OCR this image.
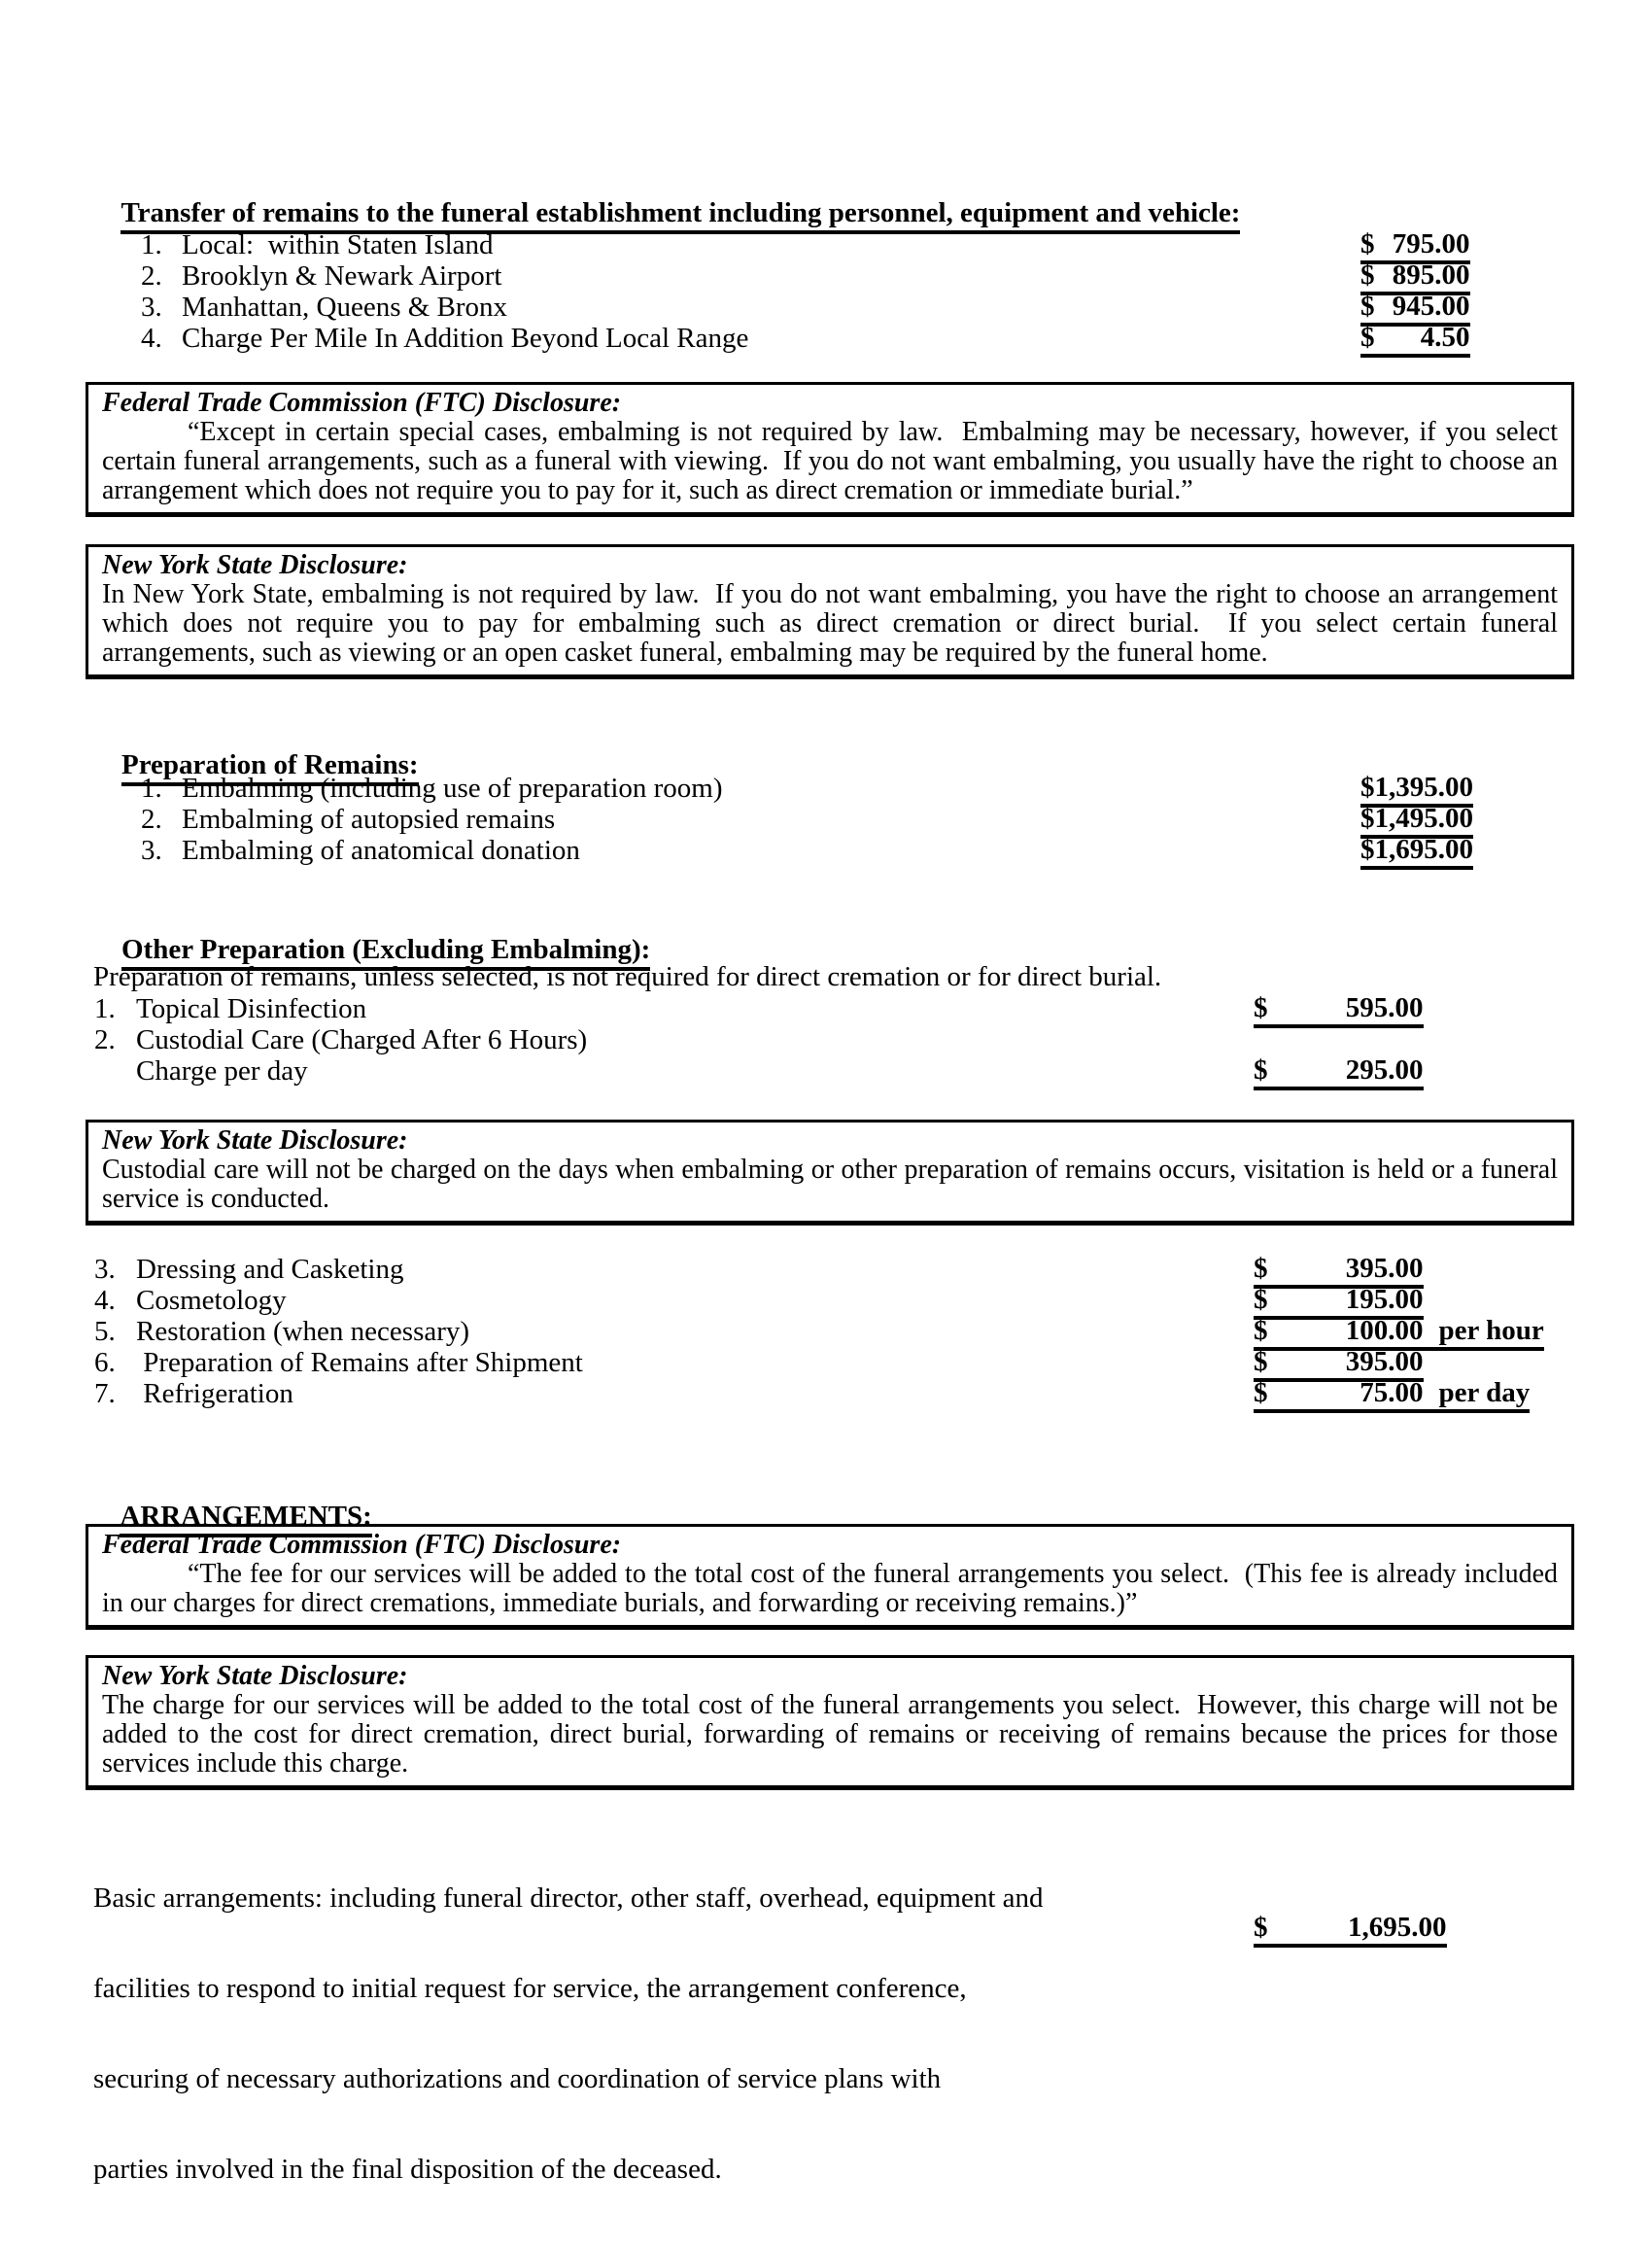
Transfer of remains to the funeral establishment including personnel, equipment and vehicle:

1. Local:  within Staten Island	$ 795.00
2. Brooklyn & Newark Airport	$ 895.00
3. Manhattan, Queens & Bronx	$ 945.00
4. Charge Per Mile In Addition Beyond Local Range	$	4.50
Federal Trade Commission (FTC) Disclosure:
“Except in certain special cases, embalming is not required by law.  Embalming may be necessary, however, if you select certain funeral arrangements, such as a funeral with viewing.  If you do not want embalming, you usually have the right to choose an arrangement which does not require you to pay for it, such as direct cremation or immediate burial.”
New York State Disclosure:
In New York State, embalming is not required by law.  If you do not want embalming, you have the right to choose an arrangement which does not require you to pay for embalming such as direct cremation or direct burial.  If you select certain funeral arrangements, such as viewing or an open casket funeral, embalming may be required by the funeral home.

Preparation of Remains:

1. Embalming (including use of preparation room)	$1,395.00
2. Embalming of autopsied remains	$1,495.00
3. Embalming of anatomical donation	$1,695.00

Other Preparation (Excluding Embalming):

Preparation of remains, unless selected, is not required for direct cremation or for direct burial.
1. Topical Disinfection	$	595.00
2. Custodial Care (Charged After 6 Hours)
Charge per day	$	295.00
New York State Disclosure:
Custodial care will not be charged on the days when embalming or other preparation of remains occurs, visitation is held or a funeral service is conducted.
3. Dressing and Casketing	$	395.00
4. Cosmetology	$	195.00
5. Restoration (when necessary)	$	100.00 per hour
6. Preparation of Remains after Shipment	$	395.00
7. Refrigeration	$	75.00 per day

ARRANGEMENTS:

Federal Trade Commission (FTC) Disclosure:
“The fee for our services will be added to the total cost of the funeral arrangements you select.  (This fee is already included in our charges for direct cremations, immediate burials, and forwarding or receiving remains.)”
New York State Disclosure:
The charge for our services will be added to the total cost of the funeral arrangements you select.  However, this charge will not be added to the cost for direct cremation, direct burial, forwarding of remains or receiving of remains because the prices for those services include this charge.

Basic arrangements: including funeral director, other staff, overhead, equipment and

facilities to respond to initial request for service, the arrangement conference,

securing of necessary authorizations and coordination of service plans with

parties involved in the final disposition of the deceased.

$	1,695.00
